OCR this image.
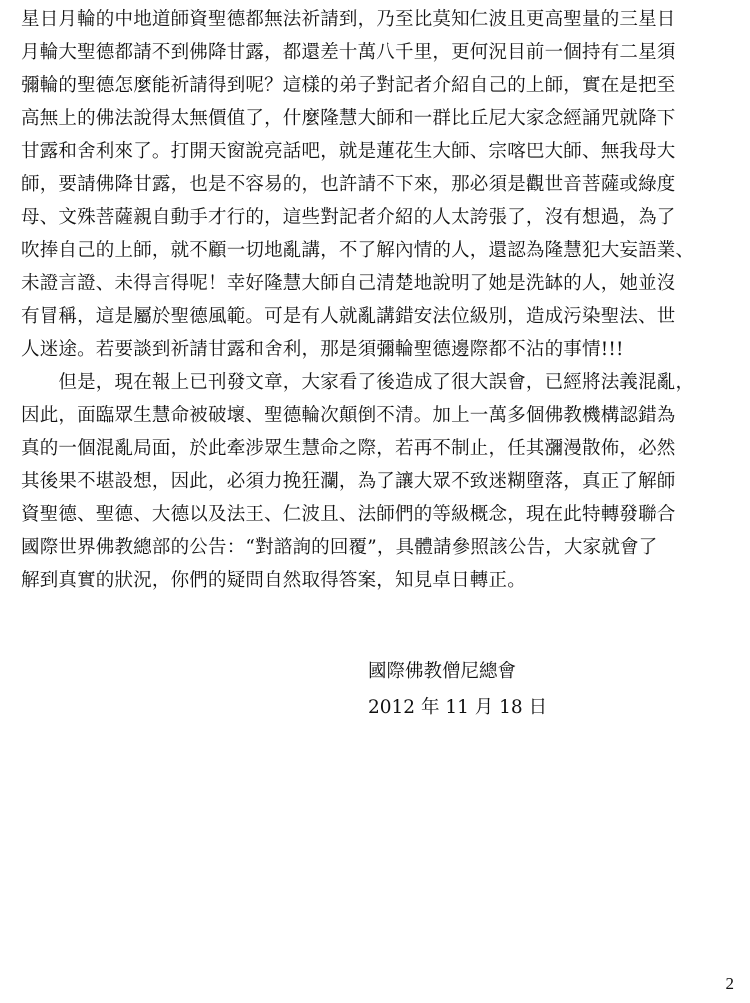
星日月輪的中地道師資聖德都無法祈請到，乃至比莫知仁波且更高聖量的三星日
月輪大聖德都請不到佛降甘露，都還差十萬八千里，更何況目前一個持有二星須
彌輪的聖德怎麼能祈請得到呢？這樣的弟子對記者介紹自己的上師，實在是把至
高無上的佛法說得太無價值了，什麼隆慧大師和一群比丘尼大家念經誦咒就降下
甘露和舍利來了。打開天窗說亮話吧，就是蓮花生大師、宗喀巴大師、無我母大
師，要請佛降甘露，也是不容易的，也許請不下來，那必須是觀世音菩薩或綠度
母、文殊菩薩親自動手才行的，這些對記者介紹的人太誇張了，沒有想過，為了
吹捧自己的上師，就不顧一切地亂講，不了解內情的人，還認為隆慧犯大妄語業、
未證言證、未得言得呢！幸好隆慧大師自己清楚地說明了她是洗缽的人，她並沒
有冒稱，這是屬於聖德風範。可是有人就亂講錯安法位級別，造成污染聖法、世
人迷途。若要談到祈請甘露和舍利，那是須彌輪聖德邊際都不沾的事情!!!
　　但是，現在報上已刊發文章，大家看了後造成了很大誤會，已經將法義混亂，
因此，面臨眾生慧命被破壞、聖德輪次顛倒不清。加上一萬多個佛教機構認錯為
真的一個混亂局面，於此牽涉眾生慧命之際，若再不制止，任其瀰漫散佈，必然
其後果不堪設想，因此，必須力挽狂瀾，為了讓大眾不致迷糊墮落，真正了解師
資聖德、聖德、大德以及法王、仁波且、法師們的等級概念，現在此特轉發聯合
國際世界佛教總部的公告：“對諮詢的回覆”，具體請參照該公告，大家就會了
解到真實的狀況，你們的疑問自然取得答案，知見卓日轉正。
國際佛教僧尼總會
2012 年 11 月 18 日
2
